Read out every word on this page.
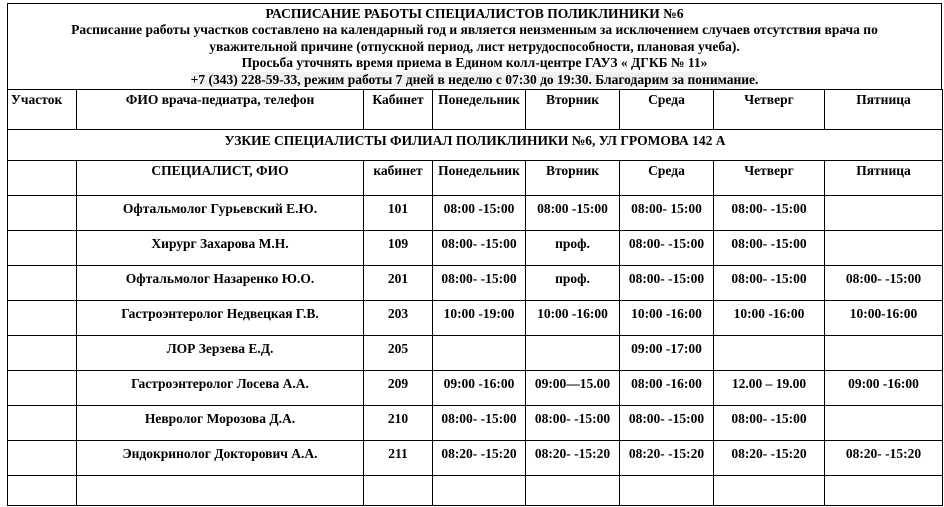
РАСПИСАНИЕ РАБОТЫ СПЕЦИАЛИСТОВ ПОЛИКЛИНИКИ №6
Расписание работы участков составлено на календарный год и является неизменным за исключением случаев отсутствия врача по
уважительной причине (отпускной период, лист нетрудоспособности, плановая учеба).
Просьба уточнять время приема в Едином колл-центре ГАУЗ « ДГКБ № 11»
+7 (343) 228-59-33, режим работы 7 дней в неделю с 07:30 до 19:30. Благодарим за понимание.
Участок	ФИО врача-педиатра, телефон	Кабинет	Понедельник	Вторник	Среда	Четверг	Пятница
УЗКИЕ СПЕЦИАЛИСТЫ ФИЛИАЛ ПОЛИКЛИНИКИ №6, УЛ ГРОМОВА 142 А							
	СПЕЦИАЛИСТ, ФИО	кабинет	Понедельник	Вторник	Среда	Четверг	Пятница
	Офтальмолог Гурьевский Е.Ю.	101	08:00 -15:00	08:00 -15:00	08:00- 15:00	08:00- -15:00	
	Хирург Захарова М.Н.	109	08:00- -15:00	проф.	08:00- -15:00	08:00- -15:00	
	Офтальмолог Назаренко Ю.О.	201	08:00- -15:00	проф.	08:00- -15:00	08:00- -15:00	08:00- -15:00
	Гастроэнтеролог Недвецкая Г.В.	203	10:00 -19:00	10:00 -16:00	10:00 -16:00	10:00 -16:00	10:00-16:00
	ЛОР Зерзева Е.Д.	205			09:00 -17:00		
	Гастроэнтеролог Лосева А.А.	209	09:00 -16:00	09:00—15.00	08:00 -16:00	12.00 – 19.00	09:00 -16:00
	Невролог Морозова Д.А.	210	08:00- -15:00	08:00- -15:00	08:00- -15:00	08:00- -15:00	
	Эндокринолог Докторович А.А.	211	08:20- -15:20	08:20- -15:20	08:20- -15:20	08:20- -15:20	08:20- -15:20
